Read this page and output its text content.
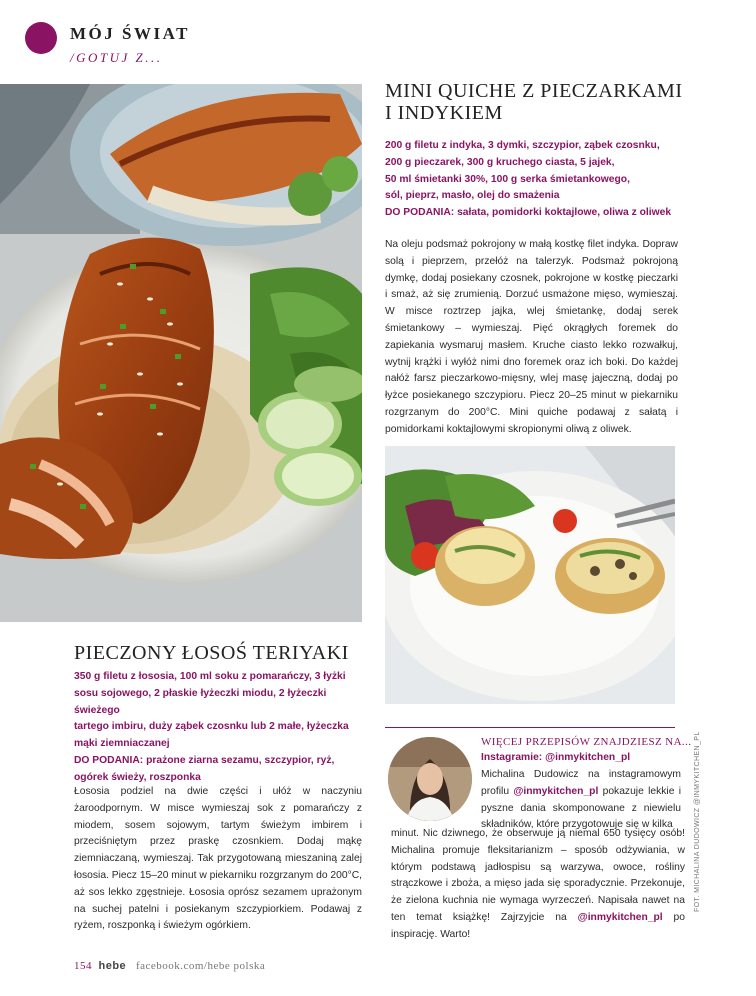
MÓJ ŚWIAT
/GOTUJ Z...
MINI QUICHE Z PIECZARKAMI
I INDYKIEM
200 g filetu z indyka, 3 dymki, szczypior, ząbek czosnku,
200 g pieczarek, 300 g kruchego ciasta, 5 jajek,
50 ml śmietanki 30%, 100 g serka śmietankowego,
sól, pieprz, masło, olej do smażenia
DO PODANIA: sałata, pomidorki koktajlowe, oliwa z oliwek
Na oleju podsmaż pokrojony w małą kostkę filet indyka. Dopraw solą i pieprzem, przełóż na talerzyk. Podsmaż pokrojoną dymkę, dodaj posiekany czosnek, pokrojone w kostkę pieczarki i smaż, aż się zrumienią. Dorzuć usmażone mięso, wymieszaj. W misce roztrzep jajka, wlej śmietankę, dodaj serek śmietankowy – wymieszaj. Pięć okrągłych foremek do zapiekania wysmaruj masłem. Kruche ciasto lekko rozwałkuj, wytnij krążki i wyłóż nimi dno foremek oraz ich boki. Do każdej nałóż farsz pieczarkowo-mięsny, wlej masę jajeczną, dodaj po łyżce posiekanego szczypioru. Piecz 20–25 minut w piekarniku rozgrzanym do 200°C. Mini quiche podawaj z sałatą i pomidorkami koktajlowymi skropionymi oliwą z oliwek.
PIECZONY ŁOSOŚ TERIYAKI
350 g filetu z łososia, 100 ml soku z pomarańczy, 3 łyżki
sosu sojowego, 2 płaskie łyżeczki miodu, 2 łyżeczki świeżego
tartego imbiru, duży ząbek czosnku lub 2 małe, łyżeczka
mąki ziemniaczanej
DO PODANIA: prażone ziarna sezamu, szczypior, ryż,
ogórek świeży, roszponka
Łososia podziel na dwie części i ułóż w naczyniu żaroodpornym. W misce wymieszaj sok z pomarańczy z miodem, sosem sojowym, tartym świeżym imbirem i przeciśniętym przez praskę czosnkiem. Dodaj mąkę ziemniaczaną, wymieszaj. Tak przygotowaną mieszaniną zalej łososia. Piecz 15–20 minut w piekarniku rozgrzanym do 200°C, aż sos lekko zgęstnieje. Łososia oprósz sezamem uprażonym na suchej patelni i posiekanym szczypiorkiem. Podawaj z ryżem, roszponką i świeżym ogórkiem.
WIĘCEJ PRZEPISÓW ZNAJDZIESZ NA...
Instagramie: @inmykitchen_pl
Michalina Dudowicz na instagramowym profilu @inmykitchen_pl pokazuje lekkie i pyszne dania skomponowane z niewielu składników, które przygotowuje się w kilka
minut. Nic dziwnego, że obserwuje ją niemal 650 tysięcy osób! Michalina promuje fleksitarianizm – sposób odżywiania, w którym podstawą jadłospisu są warzywa, owoce, rośliny strączkowe i zboża, a mięso jada się sporadycznie. Przekonuje, że zielona kuchnia nie wymaga wyrzeczeń. Napisała nawet na ten temat książkę! Zajrzyjcie na @inmykitchen_pl po inspirację. Warto!
FOT. MICHALINA DUDOWICZ @INMYKITCHEN_PL
154 hebe facebook.com/hebe polska
